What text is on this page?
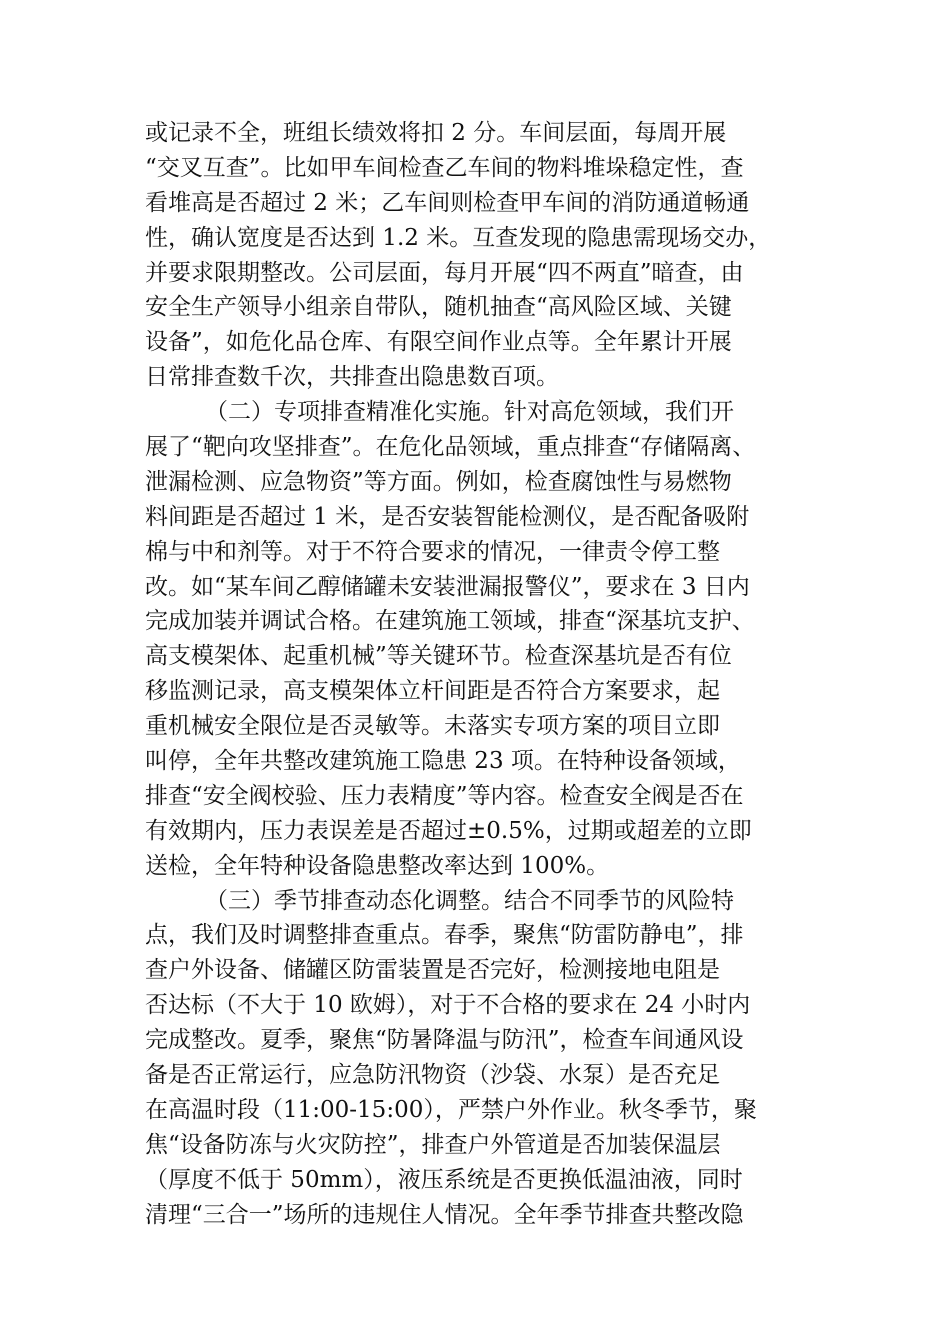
或记录不全，班组长绩效将扣 2 分。车间层面，每周开展
“交叉互查”。比如甲车间检查乙车间的物料堆垛稳定性，查
看堆高是否超过 2 米；乙车间则检查甲车间的消防通道畅通
性，确认宽度是否达到 1.2 米。互查发现的隐患需现场交办，
并要求限期整改。公司层面，每月开展“四不两直”暗查，由
安全生产领导小组亲自带队，随机抽查“高风险区域、关键
设备”，如危化品仓库、有限空间作业点等。全年累计开展
日常排查数千次，共排查出隐患数百项。
（二）专项排查精准化实施。针对高危领域，我们开
展了“靶向攻坚排查”。在危化品领域，重点排查“存储隔离、
泄漏检测、应急物资”等方面。例如，检查腐蚀性与易燃物
料间距是否超过 1 米，是否安装智能检测仪，是否配备吸附
棉与中和剂等。对于不符合要求的情况，一律责令停工整
改。如“某车间乙醇储罐未安装泄漏报警仪”，要求在 3 日内
完成加装并调试合格。在建筑施工领域，排查“深基坑支护、
高支模架体、起重机械”等关键环节。检查深基坑是否有位
移监测记录，高支模架体立杆间距是否符合方案要求，起
重机械安全限位是否灵敏等。未落实专项方案的项目立即
叫停，全年共整改建筑施工隐患 23 项。在特种设备领域，
排查“安全阀校验、压力表精度”等内容。检查安全阀是否在
有效期内，压力表误差是否超过±0.5%，过期或超差的立即
送检，全年特种设备隐患整改率达到 100%。
（三）季节排查动态化调整。结合不同季节的风险特
点，我们及时调整排查重点。春季，聚焦“防雷防静电”，排
查户外设备、储罐区防雷装置是否完好，检测接地电阻是
否达标（不大于 10 欧姆），对于不合格的要求在 24 小时内
完成整改。夏季，聚焦“防暑降温与防汛”，检查车间通风设
备是否正常运行，应急防汛物资（沙袋、水泵）是否充足
在高温时段（11:00-15:00），严禁户外作业。秋冬季节，聚
焦“设备防冻与火灾防控”，排查户外管道是否加装保温层
（厚度不低于 50mm），液压系统是否更换低温油液，同时
清理“三合一”场所的违规住人情况。全年季节排查共整改隐
